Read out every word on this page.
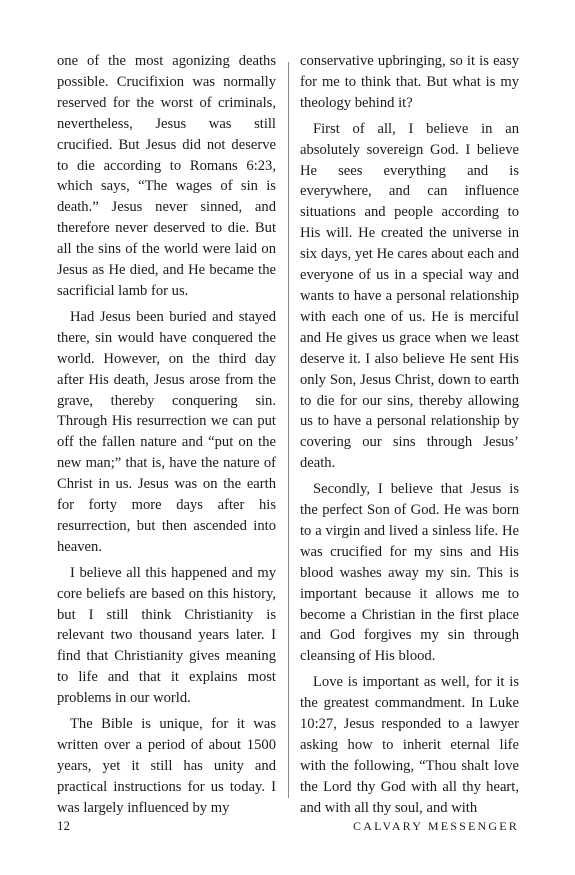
one of the most agonizing deaths possible. Crucifixion was normally reserved for the worst of criminals, nevertheless, Jesus was still crucified. But Jesus did not deserve to die according to Romans 6:23, which says, “The wages of sin is death.” Jesus never sinned, and therefore never deserved to die. But all the sins of the world were laid on Jesus as He died, and He became the sacrificial lamb for us.

Had Jesus been buried and stayed there, sin would have conquered the world. However, on the third day after His death, Jesus arose from the grave, thereby conquering sin. Through His resurrection we can put off the fallen nature and “put on the new man;” that is, have the nature of Christ in us. Jesus was on the earth for forty more days after his resurrection, but then ascended into heaven.

I believe all this happened and my core beliefs are based on this history, but I still think Christianity is relevant two thousand years later. I find that Christianity gives meaning to life and that it explains most problems in our world.

The Bible is unique, for it was written over a period of about 1500 years, yet it still has unity and practical instructions for us today. I was largely influenced by my

conservative upbringing, so it is easy for me to think that. But what is my theology behind it?

First of all, I believe in an absolutely sovereign God. I believe He sees everything and is everywhere, and can influence situations and people according to His will. He created the universe in six days, yet He cares about each and everyone of us in a special way and wants to have a personal relationship with each one of us. He is merciful and He gives us grace when we least deserve it. I also believe He sent His only Son, Jesus Christ, down to earth to die for our sins, thereby allowing us to have a personal relationship by covering our sins through Jesus’ death.

Secondly, I believe that Jesus is the perfect Son of God. He was born to a virgin and lived a sinless life. He was crucified for my sins and His blood washes away my sin. This is important because it allows me to become a Christian in the first place and God forgives my sin through cleansing of His blood.

Love is important as well, for it is the greatest commandment. In Luke 10:27, Jesus responded to a lawyer asking how to inherit eternal life with the following, “Thou shalt love the Lord thy God with all thy heart, and with all thy soul, and with

12	CALVARY MESSENGER
